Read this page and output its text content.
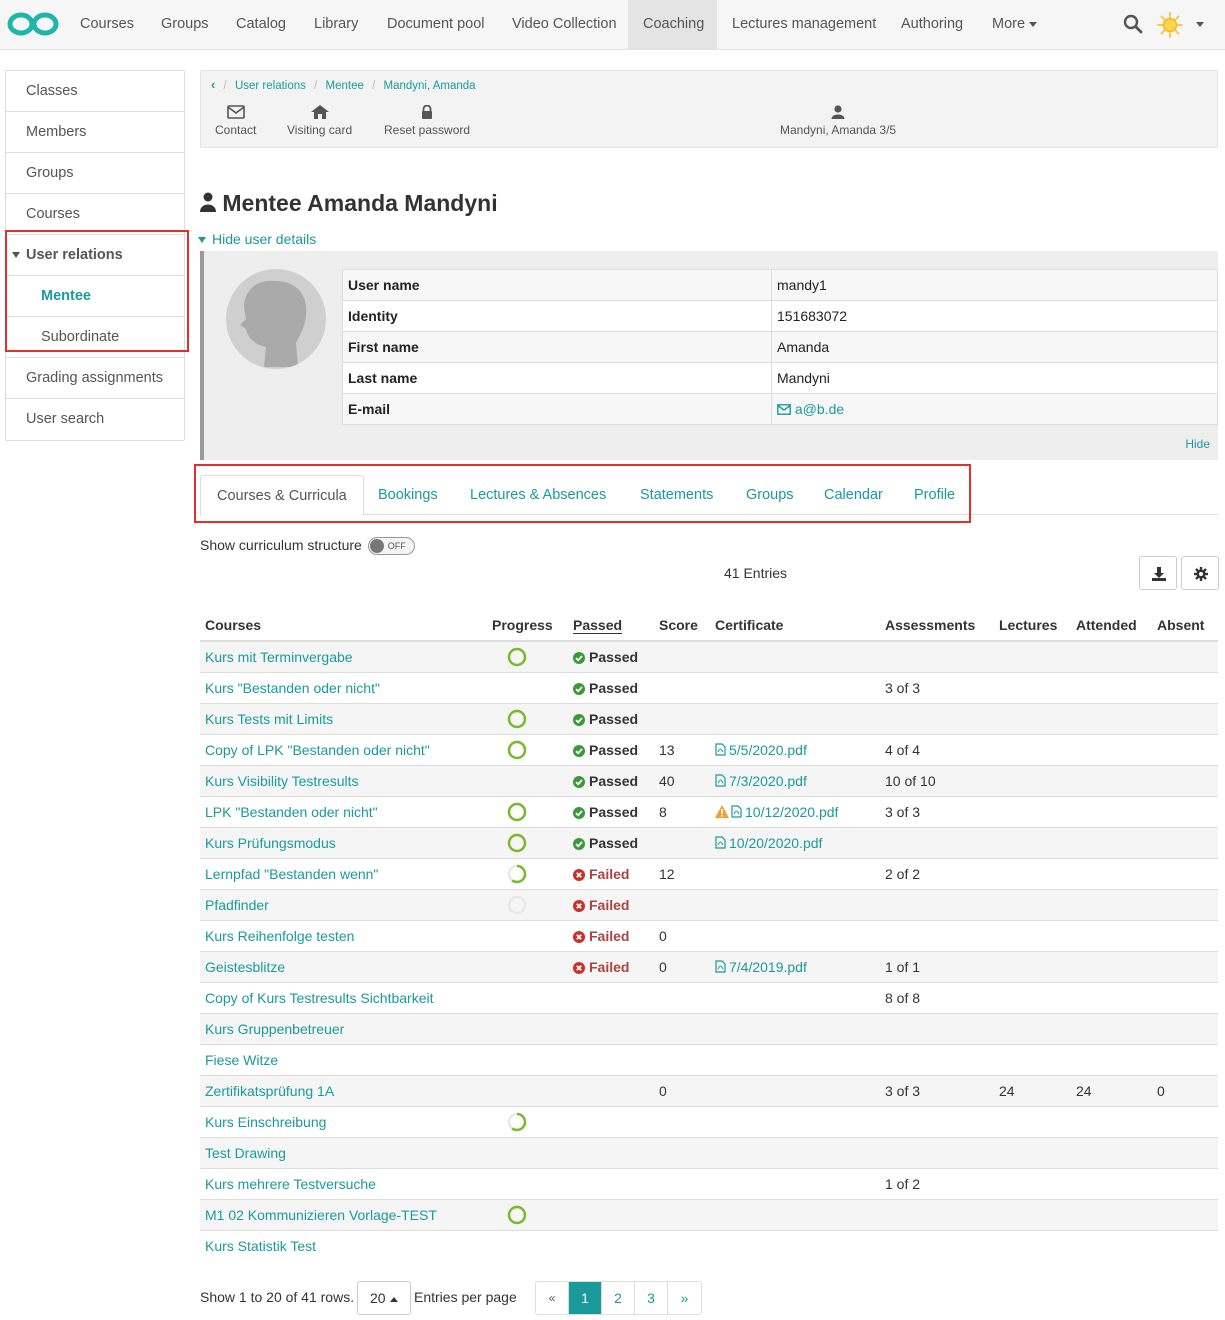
Courses	Groups	Catalog	Library	Document pool	Video Collection	Coaching	Lectures management	Authoring	More
Classes
Members
Groups
Courses
User relations
Mentee
Subordinate
Grading assignments
User search
‹ / User relations / Mentee / Mandyni, Amanda
Contact	Visiting card	Reset password	Mandyni, Amanda 3/5
Mentee Amanda Mandyni
Hide user details
User name	mandy1
Identity	151683072
First name	Amanda
Last name	Mandyni
E-mail	a@b.de
Hide
Courses & Curricula	Bookings	Lectures & Absences	Statements	Groups	Calendar	Profile
Show curriculum structure	OFF
41 Entries
Courses	Progress	Passed	Score	Certificate	Assessments	Lectures	Attended	Absent
Kurs mit Terminvergabe		Passed						
Kurs "Bestanden oder nicht"		Passed			3 of 3			
Kurs Tests mit Limits		Passed						
Copy of LPK "Bestanden oder nicht"		Passed	13	5/5/2020.pdf	4 of 4			
Kurs Visibility Testresults		Passed	40	7/3/2020.pdf	10 of 10			
LPK "Bestanden oder nicht"		Passed	8	10/12/2020.pdf	3 of 3			
Kurs Prüfungsmodus		Passed		10/20/2020.pdf				
Lernpfad "Bestanden wenn"		Failed	12		2 of 2			
Pfadfinder		Failed						
Kurs Reihenfolge testen		Failed	0					
Geistesblitze		Failed	0	7/4/2019.pdf	1 of 1			
Copy of Kurs Testresults Sichtbarkeit					8 of 8			
Kurs Gruppenbetreuer								
Fiese Witze								
Zertifikatsprüfung 1A			0		3 of 3	24	24	0
Kurs Einschreibung								
Test Drawing								
Kurs mehrere Testversuche					1 of 2			
M1 02 Kommunizieren Vorlage-TEST								
Kurs Statistik Test								
Show 1 to 20 of 41 rows.	20	Entries per page	«	1	2	3	»
